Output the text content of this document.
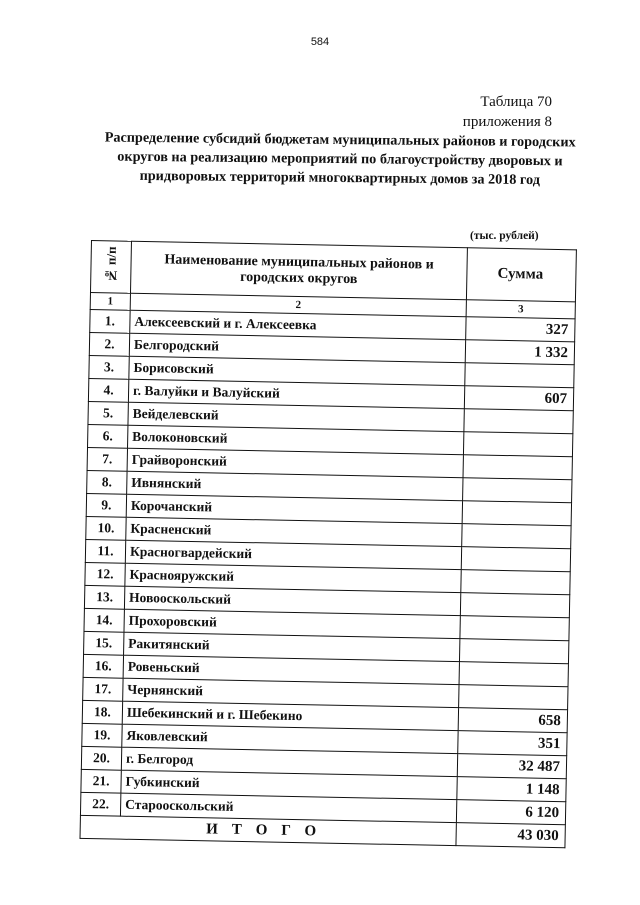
584
Таблица 70
приложения 8
Распределение субсидий бюджетам муниципальных районов и городских округов на реализацию мероприятий по благоустройству дворовых и придворовых территорий многоквартирных домов за 2018 год
(тыс. рублей)
№ п/п	Наименование муниципальных районов и городских округов	Сумма
1	2	3
1.	Алексеевский и г. Алексеевка	327
2.	Белгородский	1 332
3.	Борисовский	
4.	г. Валуйки и Валуйский	607
5.	Вейделевский	
6.	Волоконовский	
7.	Грайворонский	
8.	Ивнянский	
9.	Корочанский	
10.	Красненский	
11.	Красногвардейский	
12.	Краснояружский	
13.	Новооскольский	
14.	Прохоровский	
15.	Ракитянский	
16.	Ровеньский	
17.	Чернянский	
18.	Шебекинский и г. Шебекино	658
19.	Яковлевский	351
20.	г. Белгород	32 487
21.	Губкинский	1 148
22.	Старооскольский	6 120
ИТОГО		43 030
